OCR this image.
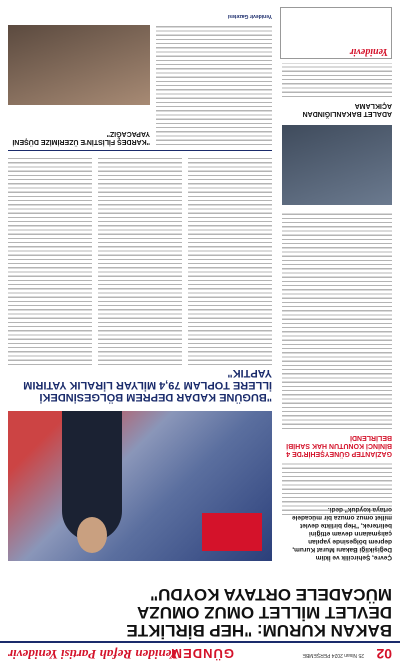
02
25 Nisan 2024 PERŞEMBE
GÜNDEM
Yeniden Refah Partisi Yenidevir
BAKAN KURUM: "HEP BİRLİKTE DEVLET MİLLET OMUZ OMUZA MÜCADELE ORTAYA KOYDU"
Çevre, Şehircilik ve İklim Değişikliği Bakanı Murat Kurum, deprem bölgesinde yapılan çalışmaların devam ettiğini belirterek, "Hep birlikte devlet millet omuz omuza bir mücadele ortaya koyduk" dedi.
GAZİANTEP GÜNEYŞEHİR'DE 4 BİNİNCİ KONUTUN HAK SAHİBİ BELİRLENDİ
"BUGÜNE KADAR DEPREM BÖLGESİNDEKİ İLLERE TOPLAM 79,4 MİLYAR LİRALIK YATIRIM YAPTIK"
"KARDEŞ FİLİSTİN'E ÜZERİMİZE DÜŞENİ YAPACAĞIZ"
ADALET BAKANLIĞINDAN AÇIKLAMA
Yenidevir
Yenidevir Gazetesi
